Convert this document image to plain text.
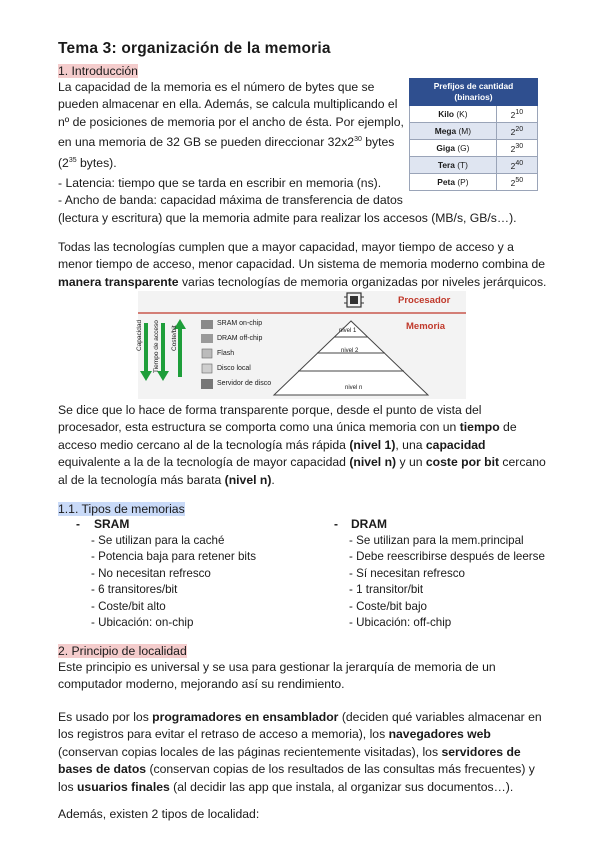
Tema 3: organización de la memoria
1. Introducción

La capacidad de la memoria es el número de bytes que se

pueden almacenar en ella. Además, se calcula multiplicando el

nº de posiciones de memoria por el ancho de ésta. Por ejemplo,

en una memoria de 32 GB se pueden direccionar $32x2^{30}$ bytes

($2^{35}$ bytes).

Prefijos de cantidad (binarios)	
Kilo (K)	$2^{10}$
Mega (M)	$2^{20}$
Giga (G)	$2^{30}$
Tera (T)	$2^{40}$
Peta (P)	$2^{50}$

- Latencia: tiempo que se tarda en escribir en memoria (ns).

- Ancho de banda: capacidad máxima de transferencia de datos

(lectura y escritura) que la memoria admite para realizar los accesos (MB/s, GB/s…).

Todas las tecnologías cumplen que a mayor capacidad, mayor tiempo de acceso y a

menor tiempo de acceso, menor capacidad. Un sistema de memoria moderno combina de

manera transparente varias tecnologías de memoria organizadas por niveles jerárquicos.

Procesador
Memoria
Capacidad Tiempo de acceso Coste/bit
SRAM on-chip
DRAM off-chip
Flash
Disco local
Servidor de disco
nivel 1
nivel 2
nivel n

Se dice que lo hace de forma transparente porque, desde el punto de vista del

procesador, esta estructura se comporta como una única memoria con un tiempo de

acceso medio cercano al de la tecnología más rápida (nivel 1), una capacidad

equivalente a la de la tecnología de mayor capacidad (nivel n) y un coste por bit cercano

al de la tecnología más barata (nivel n).

1.1. Tipos de memorias
- SRAM
- Se utilizan para la caché
- Potencia baja para retener bits
- No necesitan refresco
- 6 transitores/bit
- Coste/bit alto
- Ubicación: on-chip
- DRAM
- Se utilizan para la mem.principal
- Debe reescribirse después de leerse
- Sí necesitan refresco
- 1 transitor/bit
- Coste/bit bajo
- Ubicación: off-chip
2. Principio de localidad

Este principio es universal y se usa para gestionar la jerarquía de memoria de un

computador moderno, mejorando así su rendimiento.

Es usado por los programadores en ensamblador (deciden qué variables almacenar en

los registros para evitar el retraso de acceso a memoria), los navegadores web

(conservan copias locales de las páginas recientemente visitadas), los servidores de

bases de datos (conservan copias de los resultados de las consultas más frecuentes) y

los usuarios finales (al decidir las app que instala, al organizar sus documentos…).

Además, existen 2 tipos de localidad:
